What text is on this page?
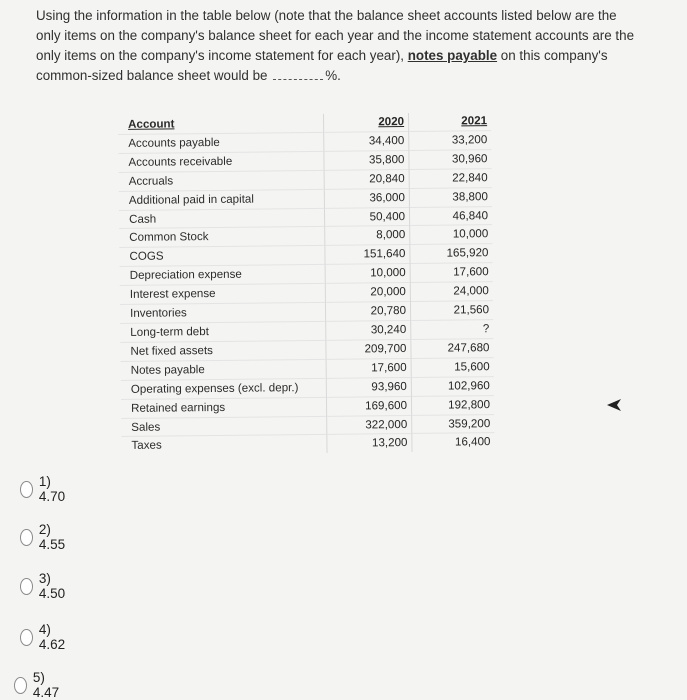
Using the information in the table below (note that the balance sheet accounts listed below are the only items on the company's balance sheet for each year and the income statement accounts are the only items on the company's income statement for each year), notes payable on this company's common-sized balance sheet would be	%.
Account	2020	2021
Accounts payable	34,400	33,200
Accounts receivable	35,800	30,960
Accruals	20,840	22,840
Additional paid in capital	36,000	38,800
Cash	50,400	46,840
Common Stock	8,000	10,000
COGS	151,640	165,920
Depreciation expense	10,000	17,600
Interest expense	20,000	24,000
Inventories	20,780	21,560
Long-term debt	30,240	?
Net fixed assets	209,700	247,680
Notes payable	17,600	15,600
Operating expenses (excl. depr.)	93,960	102,960
Retained earnings	169,600	192,800
Sales	322,000	359,200
Taxes	13,200	16,400
1) 4.70
2) 4.55
3) 4.50
4) 4.62
5) 4.47
